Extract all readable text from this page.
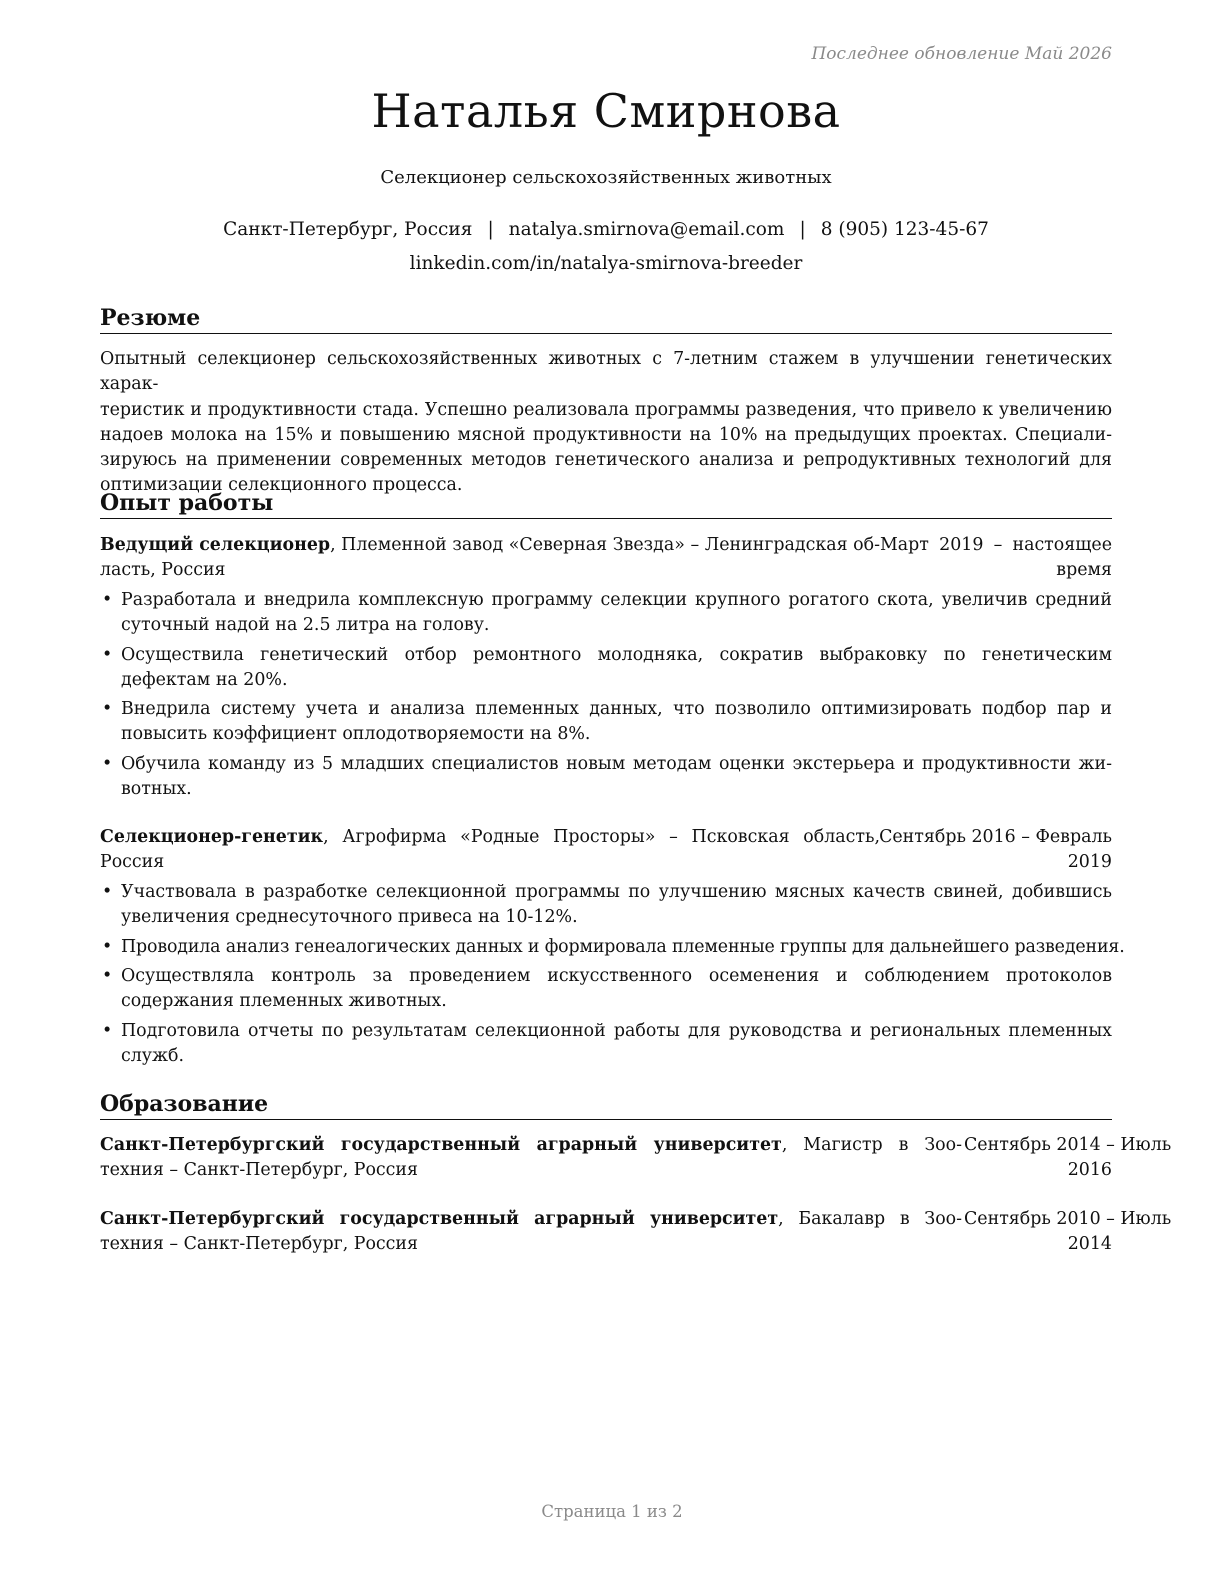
Последнее обновление Май 2026
Наталья Смирнова
Селекционер сельскохозяйственных животных
Санкт-Петербург, Россия | natalya.smirnova@email.com | 8 (905) 123-45-67
linkedin.com/in/natalya-smirnova-breeder
Резюме
Опытный селекционер сельскохозяйственных животных с 7-летним стажем в улучшении генетических харак-
теристик и продуктивности стада. Успешно реализовала программы разведения, что привело к увеличению
надоев молока на 15% и повышению мясной продуктивности на 10% на предыдущих проектах. Специали-
зируюсь на применении современных методов генетического анализа и репродуктивных технологий для
оптимизации селекционного процесса.
Опыт работы
Ведущий селекционер, Племенной завод «Северная Звезда» – Ленинградская об-
ласть, Россия
Март 2019 – настоящее
время
• Разработала и внедрила комплексную программу селекции крупного рогатого скота, увеличив средний суточный надой на 2.5 литра на голову.
• Осуществила генетический отбор ремонтного молодняка, сократив выбраковку по генетическим дефектам на 20%.
• Внедрила систему учета и анализа племенных данных, что позволило оптимизировать подбор пар и повысить коэффициент оплодотворяемости на 8%.
• Обучила команду из 5 младших специалистов новым методам оценки экстерьера и продуктивности животных.
Селекционер-генетик, Агрофирма «Родные Просторы» – Псковская область, Россия
Сентябрь 2016 – Февраль
2019
• Участвовала в разработке селекционной программы по улучшению мясных качеств свиней, добившись увеличения среднесуточного привеса на 10-12%.
• Проводила анализ генеалогических данных и формировала племенные группы для дальнейшего разведения.
• Осуществляла контроль за проведением искусственного осеменения и соблюдением протоколов содержания племенных животных.
• Подготовила отчеты по результатам селекционной работы для руководства и региональных племенных служб.
Образование
Санкт-Петербургский государственный аграрный университет, Магистр в Зоо-
техния – Санкт-Петербург, Россия
Сентябрь 2014 – Июль
2016
Санкт-Петербургский государственный аграрный университет, Бакалавр в Зоо-
техния – Санкт-Петербург, Россия
Сентябрь 2010 – Июль
2014
Страница 1 из 2
